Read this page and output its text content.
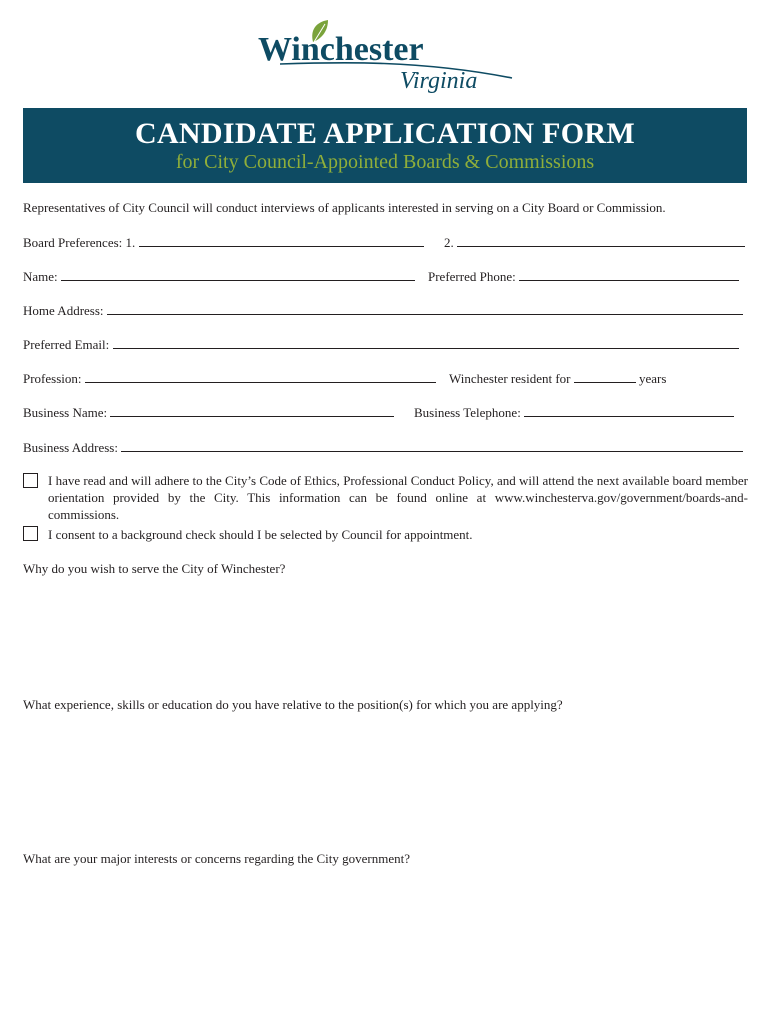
Winchester
Virginia
CANDIDATE APPLICATION FORM
for City Council-Appointed Boards & Commissions
Representatives of City Council will conduct interviews of applicants interested in serving on a City Board or Commission.
Board Preferences: 1.	2.
Name:	Preferred Phone:
Home Address:
Preferred Email:
Profession:	Winchester resident for	years
Business Name:	Business Telephone:
Business Address:
I have read and will adhere to the City’s Code of Ethics, Professional Conduct Policy, and will attend the next available board member orientation provided by the City. This information can be found online at www.winchesterva.gov/government/boards-and-commissions.
I consent to a background check should I be selected by Council for appointment.
Why do you wish to serve the City of Winchester?
What experience, skills or education do you have relative to the position(s) for which you are applying?
What are your major interests or concerns regarding the City government?
